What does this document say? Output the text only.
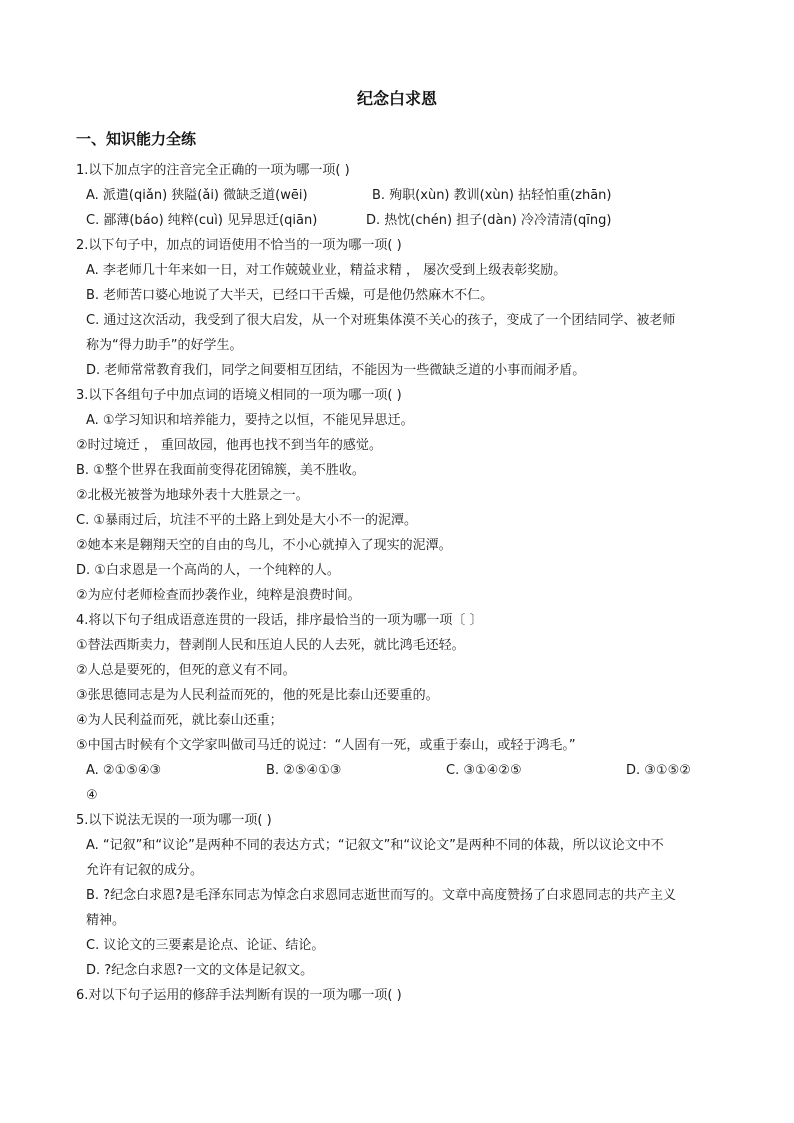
纪念白求恩
一、知识能力全练
1.以下加点字的注音完全正确的一项为哪一项( )
A. 派遣(qiǎn) 狭隘(ǎi) 微缺乏道(wēi)	B. 殉职(xùn) 教训(xùn) 拈轻怕重(zhān)
C. 鄙薄(báo) 纯粹(cuì) 见异思迁(qiān)	D. 热忱(chén) 担子(dàn) 冷冷清清(qīng)
2.以下句子中，加点的词语使用不恰当的一项为哪一项( )
A. 李老师几十年来如一日，对工作兢兢业业，精益求精 ， 屡次受到上级表彰奖励。
B. 老师苦口婆心地说了大半天，已经口干舌燥，可是他仍然麻木不仁。
C. 通过这次活动，我受到了很大启发，从一个对班集体漠不关心的孩子，变成了一个团结同学、被老师
称为“得力助手”的好学生。
D. 老师常常教育我们，同学之间要相互团结，不能因为一些微缺乏道的小事而闹矛盾。
3.以下各组句子中加点词的语境义相同的一项为哪一项( )
A. ①学习知识和培养能力，要持之以恒，不能见异思迁。
②时过境迁 ， 重回故园，他再也找不到当年的感觉。
B. ①整个世界在我面前变得花团锦簇，美不胜收。
②北极光被誉为地球外表十大胜景之一。
C. ①暴雨过后，坑洼不平的土路上到处是大小不一的泥潭。
②她本来是翱翔天空的自由的鸟儿，不小心就掉入了现实的泥潭。
D. ①白求恩是一个高尚的人，一个纯粹的人。
②为应付老师检查而抄袭作业，纯粹是浪费时间。
4.将以下句子组成语意连贯的一段话，排序最恰当的一项为哪一项〔 〕
①替法西斯卖力，替剥削人民和压迫人民的人去死，就比鸿毛还轻。
②人总是要死的，但死的意义有不同。
③张思德同志是为人民利益而死的，他的死是比泰山还要重的。
④为人民利益而死，就比泰山还重；
⑤中国古时候有个文学家叫做司马迁的说过：“人固有一死，或重于泰山，或轻于鸿毛。”
A. ②①⑤④③	B. ②⑤④①③	C. ③①④②⑤	D. ③①⑤②
④
5.以下说法无误的一项为哪一项( )
A. “记叙”和“议论”是两种不同的表达方式；“记叙文”和“议论文”是两种不同的体裁，所以议论文中不
允许有记叙的成分。
B. ?纪念白求恩?是毛泽东同志为悼念白求恩同志逝世而写的。文章中高度赞扬了白求恩同志的共产主义
精神。
C. 议论文的三要素是论点、论证、结论。
D. ?纪念白求恩?一文的文体是记叙文。
6.对以下句子运用的修辞手法判断有误的一项为哪一项( )
